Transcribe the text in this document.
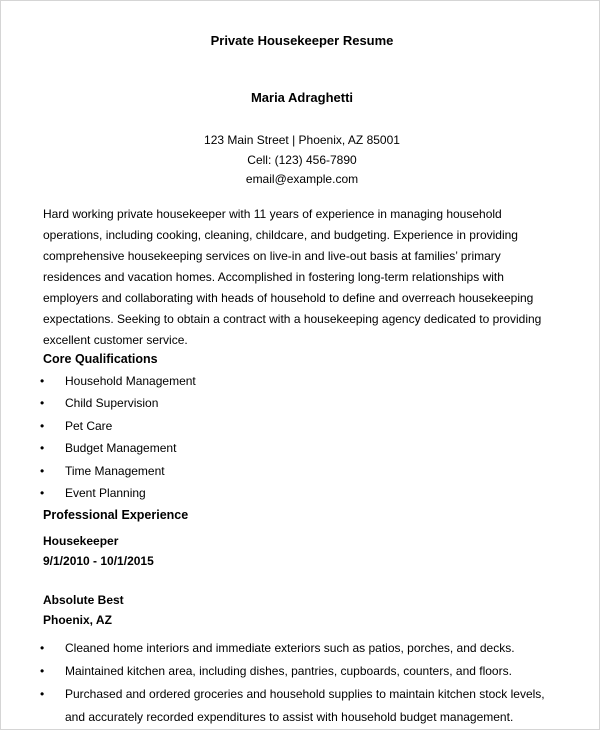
Private Housekeeper Resume

Maria Adraghetti

123 Main Street | Phoenix, AZ 85001

Cell: (123) 456-7890

email@example.com

Hard working private housekeeper with 11 years of experience in managing household operations, including cooking, cleaning, childcare, and budgeting. Experience in providing comprehensive housekeeping services on live-in and live-out basis at families’ primary residences and vacation homes. Accomplished in fostering long-term relationships with employers and collaborating with heads of household to define and overreach housekeeping expectations. Seeking to obtain a contract with a housekeeping agency dedicated to providing excellent customer service.

Core Qualifications
• Household Management
• Child Supervision
• Pet Care
• Budget Management
• Time Management
• Event Planning
Professional Experience

Housekeeper

9/1/2010 - 10/1/2015

Absolute Best

Phoenix, AZ

• Cleaned home interiors and immediate exteriors such as patios, porches, and decks.
• Maintained kitchen area, including dishes, pantries, cupboards, counters, and floors.
• Purchased and ordered groceries and household supplies to maintain kitchen stock levels, and accurately recorded expenditures to assist with household budget management.
